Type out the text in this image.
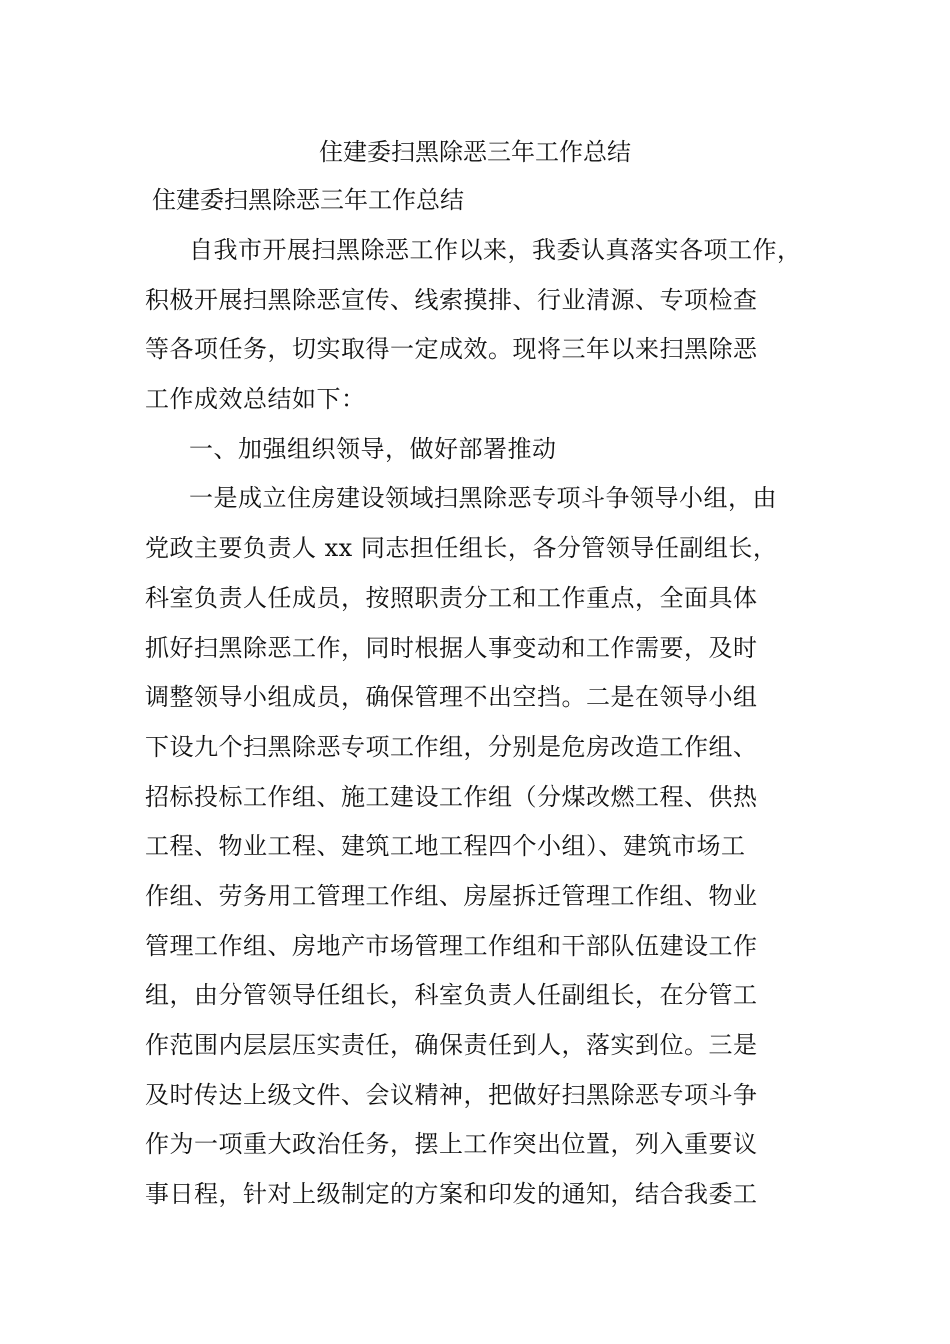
住建委扫黑除恶三年工作总结
住建委扫黑除恶三年工作总结
自我市开展扫黑除恶工作以来，我委认真落实各项工作，
积极开展扫黑除恶宣传、线索摸排、行业清源、专项检查
等各项任务，切实取得一定成效。现将三年以来扫黑除恶
工作成效总结如下：
一、加强组织领导，做好部署推动
一是成立住房建设领域扫黑除恶专项斗争领导小组，由
党政主要负责人 xx 同志担任组长，各分管领导任副组长，
科室负责人任成员，按照职责分工和工作重点，全面具体
抓好扫黑除恶工作，同时根据人事变动和工作需要，及时
调整领导小组成员，确保管理不出空挡。二是在领导小组
下设九个扫黑除恶专项工作组，分别是危房改造工作组、
招标投标工作组、施工建设工作组（分煤改燃工程、供热
工程、物业工程、建筑工地工程四个小组）、建筑市场工
作组、劳务用工管理工作组、房屋拆迁管理工作组、物业
管理工作组、房地产市场管理工作组和干部队伍建设工作
组，由分管领导任组长，科室负责人任副组长，在分管工
作范围内层层压实责任，确保责任到人，落实到位。三是
及时传达上级文件、会议精神，把做好扫黑除恶专项斗争
作为一项重大政治任务，摆上工作突出位置，列入重要议
事日程，针对上级制定的方案和印发的通知，结合我委工
